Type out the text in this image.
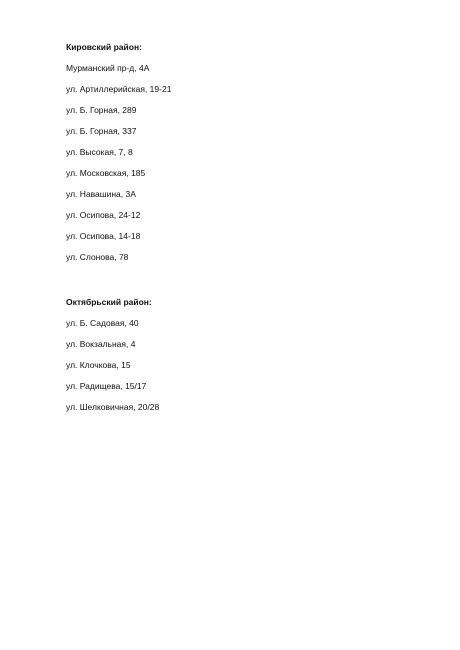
Кировский район:
Мурманский пр-д, 4А
ул. Артиллерийская, 19-21
ул. Б. Горная, 289
ул. Б. Горная, 337
ул. Высокая, 7, 8
ул. Московская, 185
ул. Навашина, 3А
ул. Осипова, 24-12
ул. Осипова, 14-18
ул. Слонова, 78
Октябрьский район:
ул. Б. Садовая, 40
ул. Вокзальная, 4
ул. Клочкова, 15
ул. Радищева, 15/17
ул. Шелковичная, 20/28
